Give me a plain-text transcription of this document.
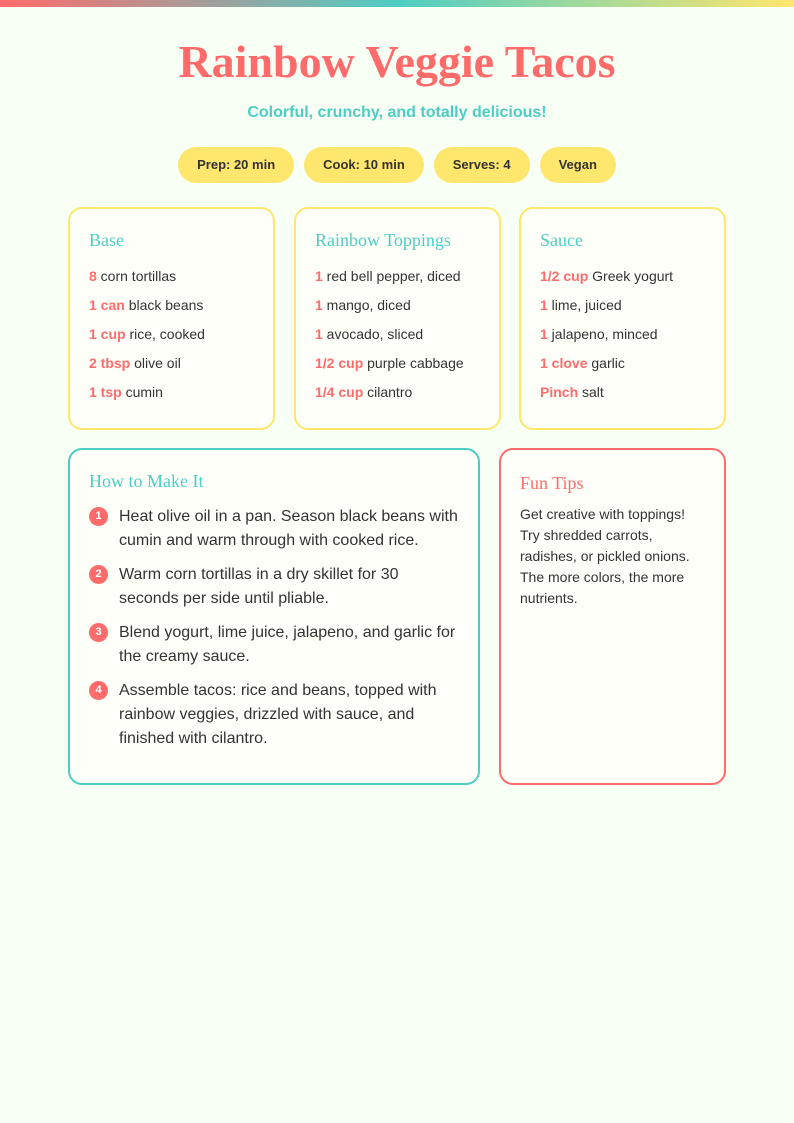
Rainbow Veggie Tacos

Colorful, crunchy, and totally delicious!

Prep: 20 min	Cook: 10 min	Serves: 4	Vegan
Base
8 corn tortillas
1 can black beans
1 cup rice, cooked
2 tbsp olive oil
1 tsp cumin
Rainbow Toppings
1 red bell pepper, diced
1 mango, diced
1 avocado, sliced
1/2 cup purple cabbage
1/4 cup cilantro
Sauce
1/2 cup Greek yogurt
1 lime, juiced
1 jalapeno, minced
1 clove garlic
Pinch salt
How to Make It
1	Heat olive oil in a pan. Season black beans with cumin and warm through with cooked rice.
2	Warm corn tortillas in a dry skillet for 30 seconds per side until pliable.
3	Blend yogurt, lime juice, jalapeno, and garlic for the creamy sauce.
4	Assemble tacos: rice and beans, topped with rainbow veggies, drizzled with sauce, and finished with cilantro.
Fun Tips

Get creative with toppings! Try shredded carrots, radishes, or pickled onions. The more colors, the more nutrients.
